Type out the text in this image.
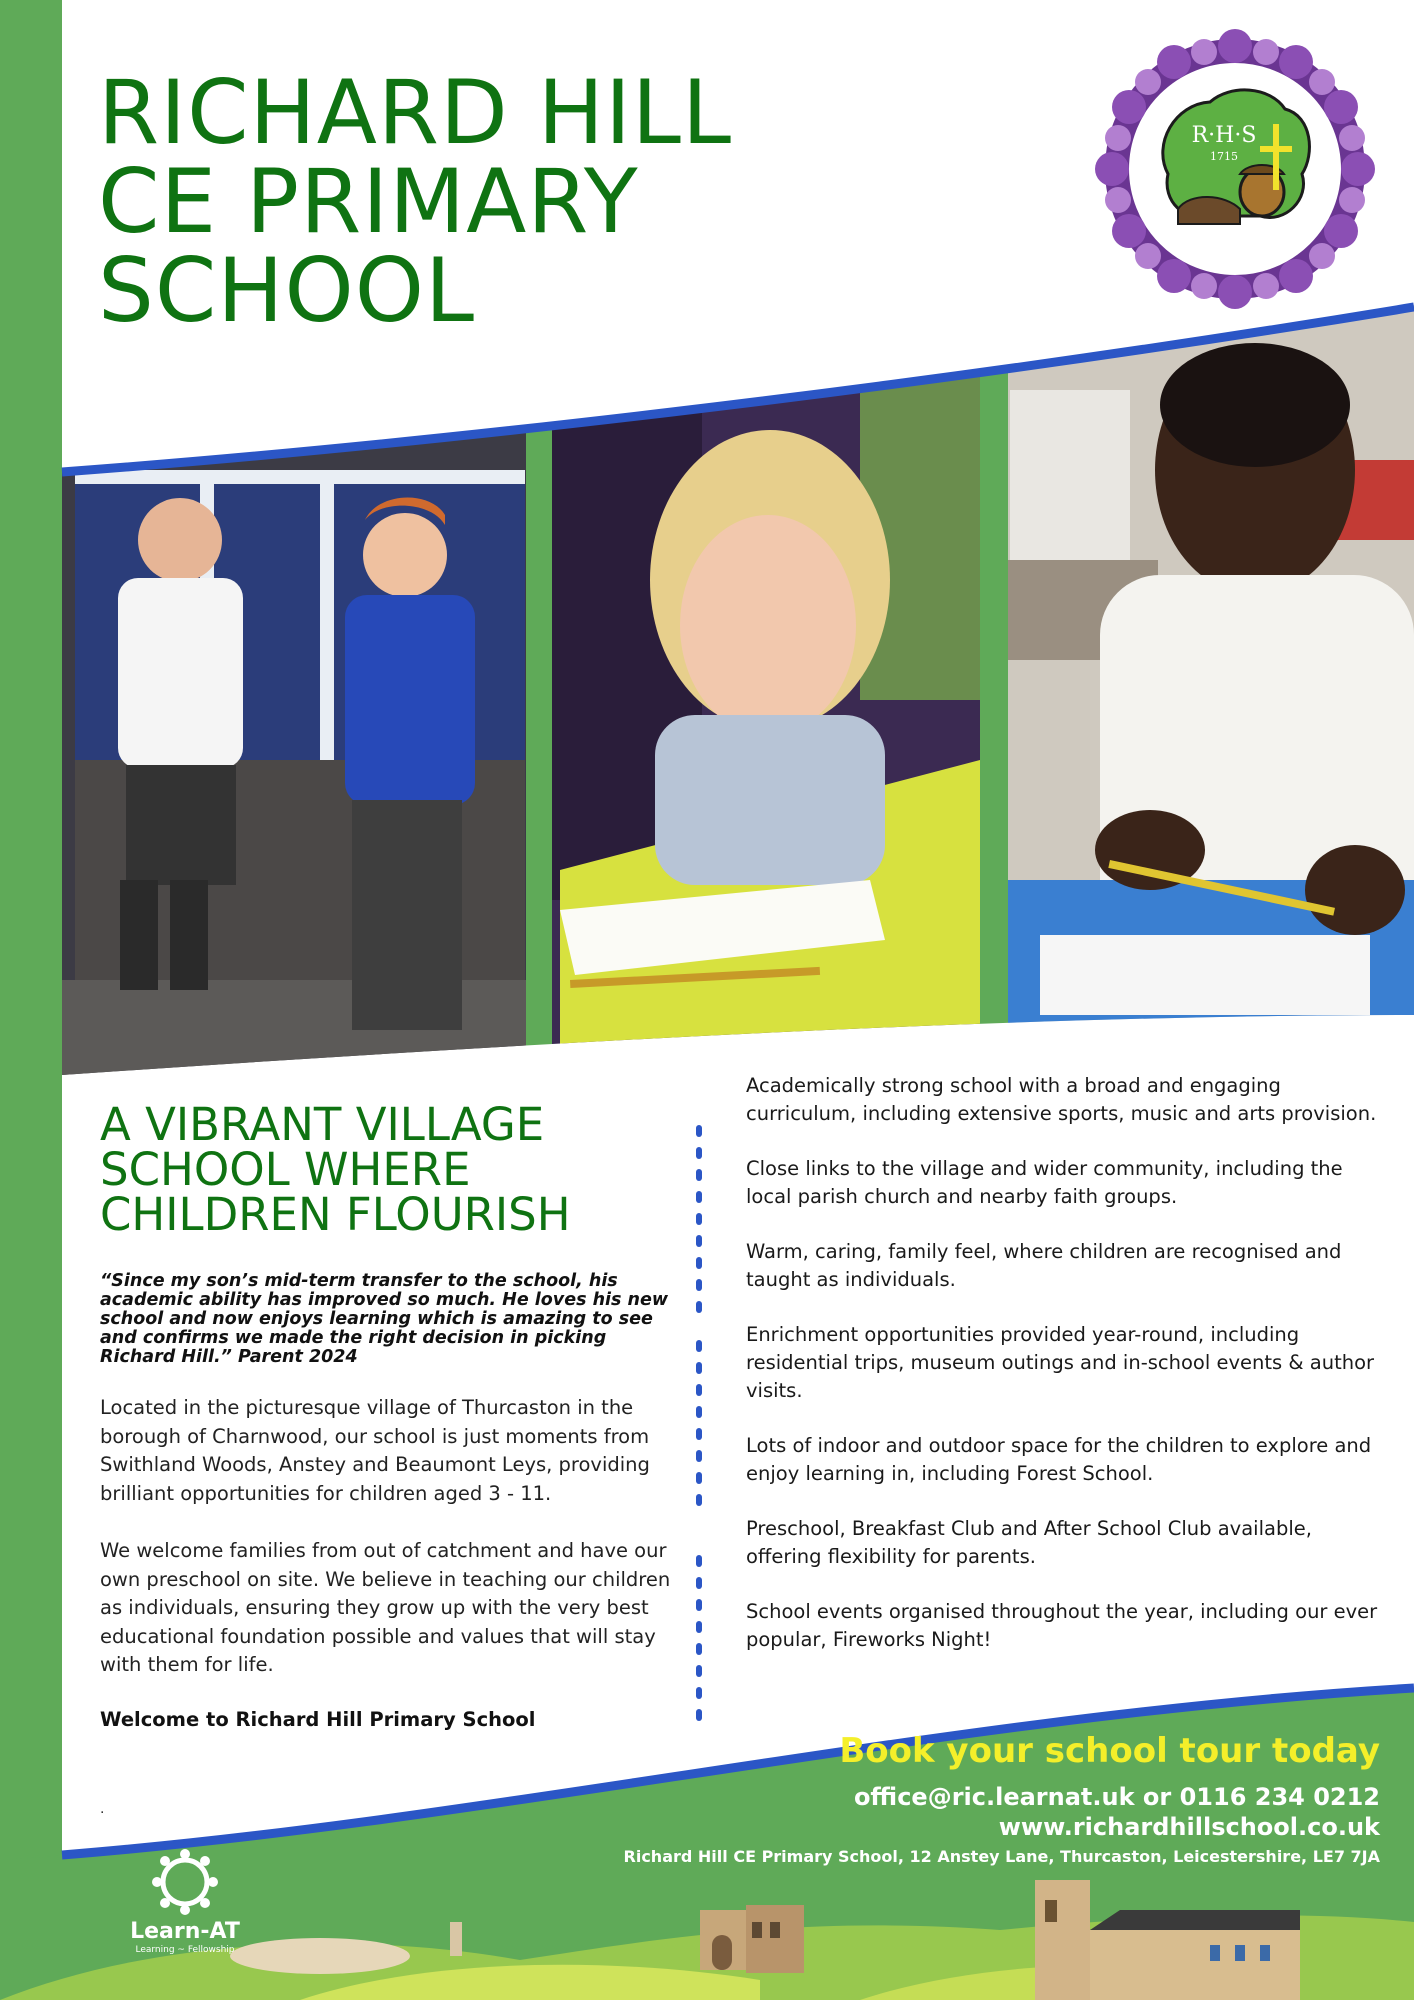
RICHARD HILL
CE PRIMARY
SCHOOL
R·H·S
1715
A VIBRANT VILLAGE
SCHOOL WHERE
CHILDREN FLOURISH
“Since my son’s mid-term transfer to the school, his academic ability has improved so much. He loves his new school and now enjoys learning which is amazing to see and confirms we made the right decision in picking Richard Hill.” Parent 2024

Located in the picturesque village of Thurcaston in the borough of Charnwood, our school is just moments from Swithland Woods, Anstey and Beaumont Leys, providing brilliant opportunities for children aged 3 - 11.

We welcome families from out of catchment and have our own preschool on site. We believe in teaching our children as individuals, ensuring they grow up with the very best educational foundation possible and values that will stay with them for life.

Welcome to Richard Hill Primary School
.
Academically strong school with a broad and engaging curriculum, including extensive sports, music and arts provision.
Close links to the village and wider community, including the local parish church and nearby faith groups.
Warm, caring, family feel, where children are recognised and taught as individuals.
Enrichment opportunities provided year-round, including residential trips, museum outings and in-school events & author visits.
Lots of indoor and outdoor space for the children to explore and enjoy learning in, including Forest School.
Preschool, Breakfast Club and After School Club available, offering flexibility for parents.
School events organised throughout the year, including our ever popular, Fireworks Night!
Book your school tour today
office@ric.learnat.uk or 0116 234 0212
www.richardhillschool.co.uk
Richard Hill CE Primary School, 12 Anstey Lane, Thurcaston, Leicestershire, LE7 7JA
Learn-AT
Learning ~ Fellowship
